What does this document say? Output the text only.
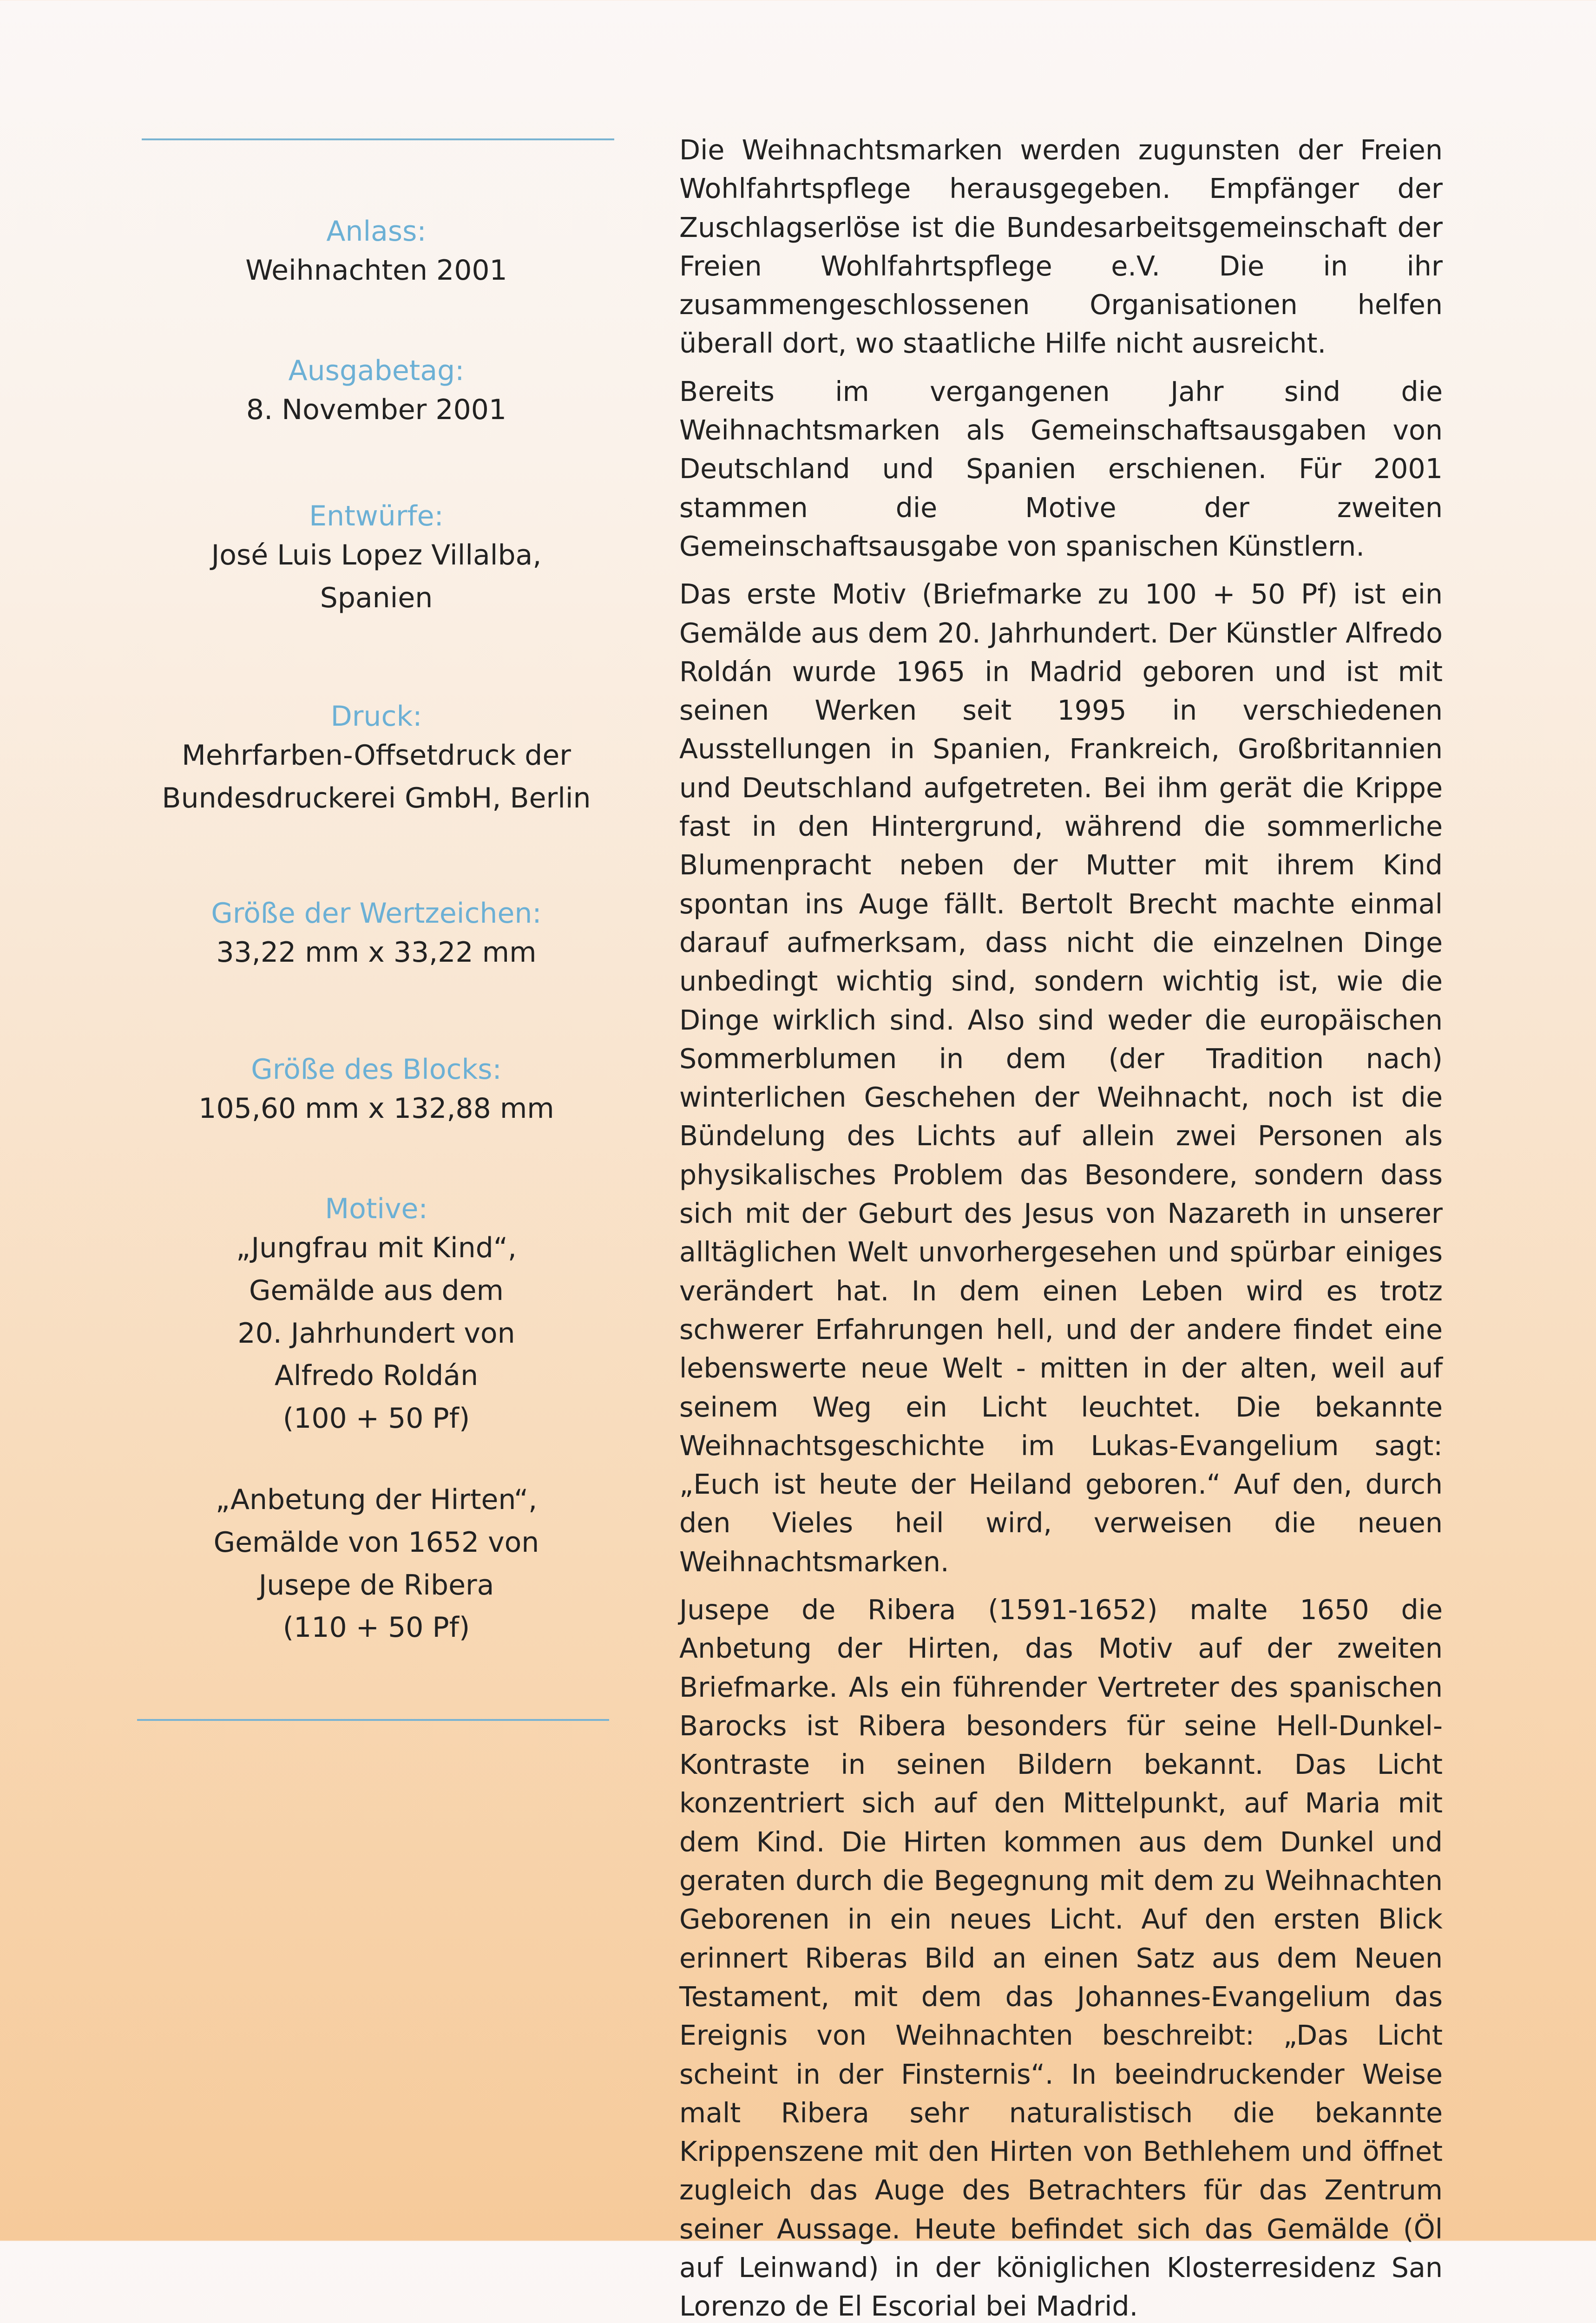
Anlass:
Weihnachten 2001
Ausgabetag:
8. November 2001
Entwürfe:
José Luis Lopez Villalba,
Spanien
Druck:
Mehrfarben-Offsetdruck der
Bundesdruckerei GmbH, Berlin
Größe der Wertzeichen:
33,22 mm x 33,22 mm
Größe des Blocks:
105,60 mm x 132,88 mm
Motive:
„Jungfrau mit Kind“,
Gemälde aus dem
20. Jahrhundert von
Alfredo Roldán
(100 + 50 Pf)
„Anbetung der Hirten“,
Gemälde von 1652 von
Jusepe de Ribera
(110 + 50 Pf)

Die Weihnachtsmarken werden zugunsten der Freien Wohlfahrtspflege herausgegeben. Empfänger der Zuschlagserlöse ist die Bundesarbeitsgemeinschaft der Freien Wohlfahrtspflege e.V. Die in ihr zusammengeschlossenen Organisationen helfen überall dort, wo staatliche Hilfe nicht ausreicht.

Bereits im vergangenen Jahr sind die Weihnachtsmarken als Gemeinschaftsausgaben von Deutschland und Spanien erschienen. Für 2001 stammen die Motive der zweiten Gemeinschaftsausgabe von spanischen Künstlern.

Das erste Motiv (Briefmarke zu 100 + 50 Pf) ist ein Gemälde aus dem 20. Jahrhundert. Der Künstler Alfredo Roldán wurde 1965 in Madrid geboren und ist mit seinen Werken seit 1995 in verschiedenen Ausstellungen in Spanien, Frankreich, Großbritannien und Deutschland aufgetreten. Bei ihm gerät die Krippe fast in den Hintergrund, während die sommerliche Blumenpracht neben der Mutter mit ihrem Kind spontan ins Auge fällt. Bertolt Brecht machte einmal darauf aufmerksam, dass nicht die einzelnen Dinge unbedingt wichtig sind, sondern wichtig ist, wie die Dinge wirklich sind. Also sind weder die europäischen Sommerblumen in dem (der Tradition nach) winterlichen Geschehen der Weihnacht, noch ist die Bündelung des Lichts auf allein zwei Personen als physikalisches Problem das Besondere, sondern dass sich mit der Geburt des Jesus von Nazareth in unserer alltäglichen Welt unvorhergesehen und spürbar einiges verändert hat. In dem einen Leben wird es trotz schwerer Erfahrungen hell, und der andere findet eine lebenswerte neue Welt - mitten in der alten, weil auf seinem Weg ein Licht leuchtet. Die bekannte Weihnachtsgeschichte im Lukas-Evangelium sagt: „Euch ist heute der Heiland geboren.“ Auf den, durch den Vieles heil wird, verweisen die neuen Weihnachtsmarken.

Jusepe de Ribera (1591-1652) malte 1650 die Anbetung der Hirten, das Motiv auf der zweiten Briefmarke. Als ein führender Vertreter des spanischen Barocks ist Ribera besonders für seine Hell-Dunkel-Kontraste in seinen Bildern bekannt. Das Licht konzentriert sich auf den Mittelpunkt, auf Maria mit dem Kind. Die Hirten kommen aus dem Dunkel und geraten durch die Begegnung mit dem zu Weihnachten Geborenen in ein neues Licht. Auf den ersten Blick erinnert Riberas Bild an einen Satz aus dem Neuen Testament, mit dem das Johannes-Evangelium das Ereignis von Weihnachten beschreibt: „Das Licht scheint in der Finsternis“. In beeindruckender Weise malt Ribera sehr naturalistisch die bekannte Krippenszene mit den Hirten von Bethlehem und öffnet zugleich das Auge des Betrachters für das Zentrum seiner Aussage. Heute befindet sich das Gemälde (Öl auf Leinwand) in der königlichen Klosterresidenz San Lorenzo de El Escorial bei Madrid.
